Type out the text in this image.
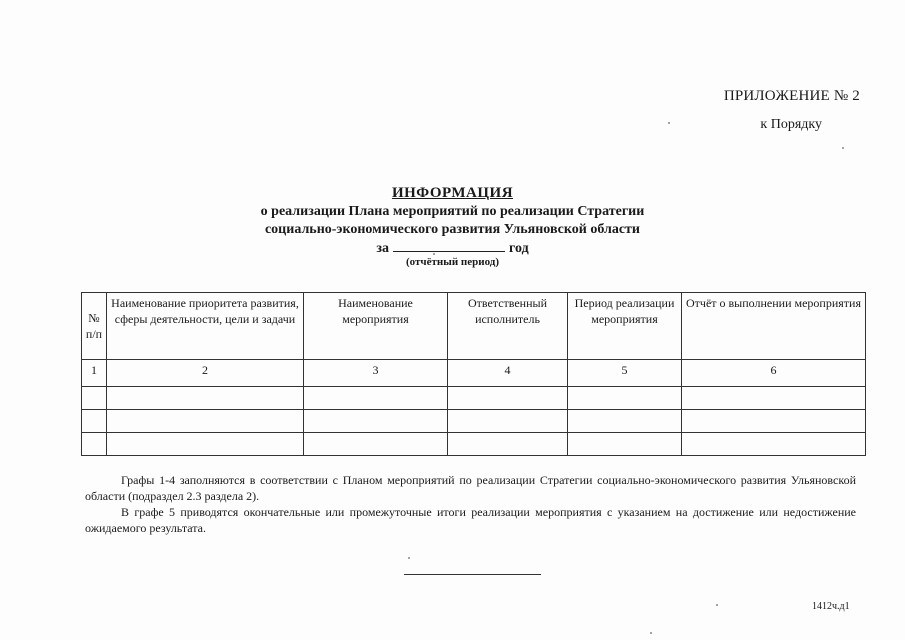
ПРИЛОЖЕНИЕ № 2
к Порядку
ИНФОРМАЦИЯ
о реализации Плана мероприятий по реализации Стратегии
социально-экономического развития Ульяновской области
за	год
(отчётный период)
№ п/п	Наименование приоритета развития, сферы деятельности, цели и задачи	Наименование мероприятия	Ответственный исполнитель	Период реализации мероприятия	Отчёт о выполнении мероприятия
1	2	3	4	5	6

Графы 1-4 заполняются в соответствии с Планом мероприятий по реализации Стратегии социально-экономического развития Ульяновской области (подраздел 2.3 раздела 2).

В графе 5 приводятся окончательные или промежуточные итоги реализации мероприятия с указанием на достижение или недостижение ожидаемого результата.

1412ч.д1
